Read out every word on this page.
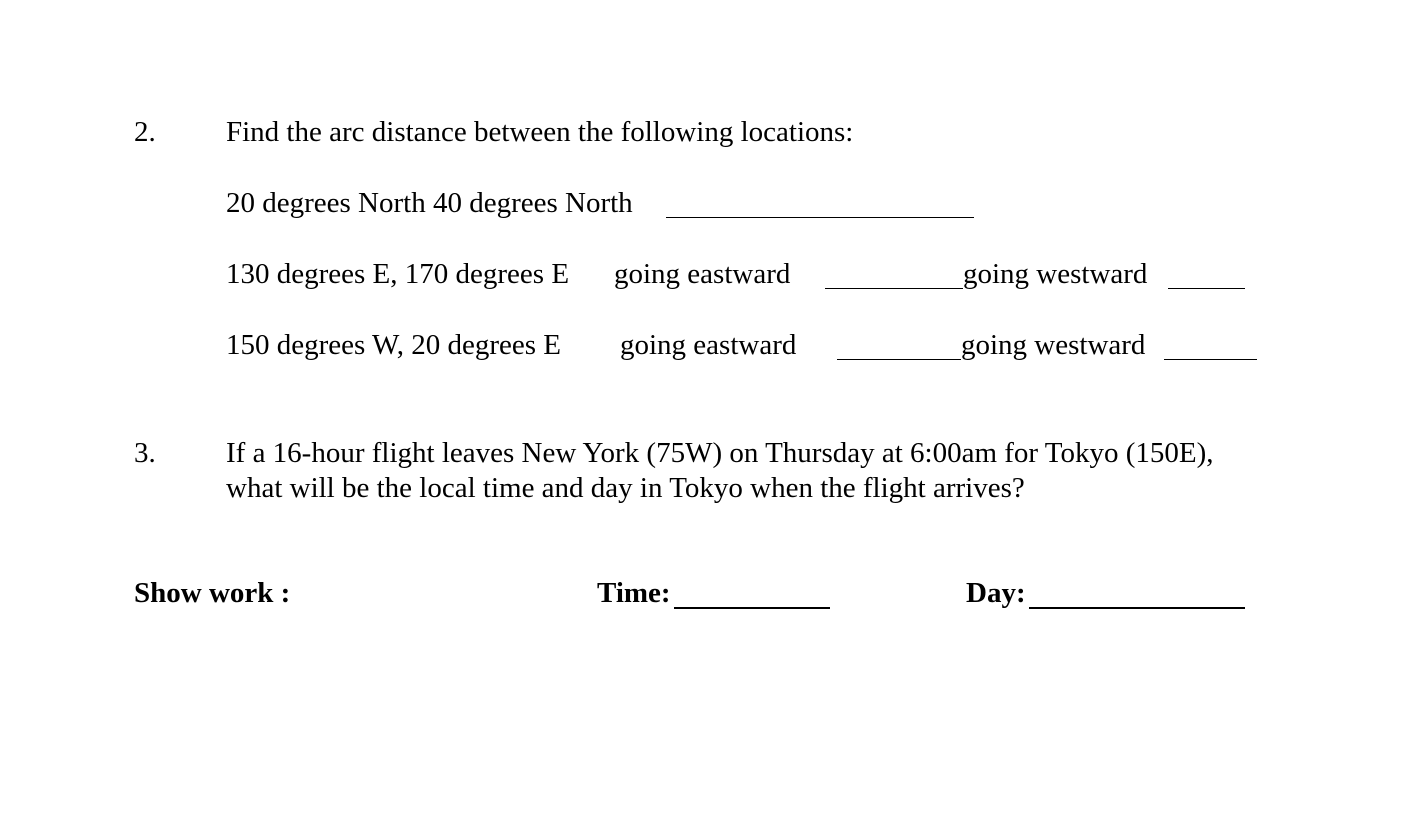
2. Find the arc distance between the following locations:
20 degrees North 40 degrees North
130 degrees E, 170 degrees E going eastward	going westward
150 degrees W, 20 degrees E going eastward	going westward
3. If a 16-hour flight leaves New York (75W) on Thursday at 6:00am for Tokyo (150E),
what will be the local time and day in Tokyo when the flight arrives?
Show work :	Time:	Day:
